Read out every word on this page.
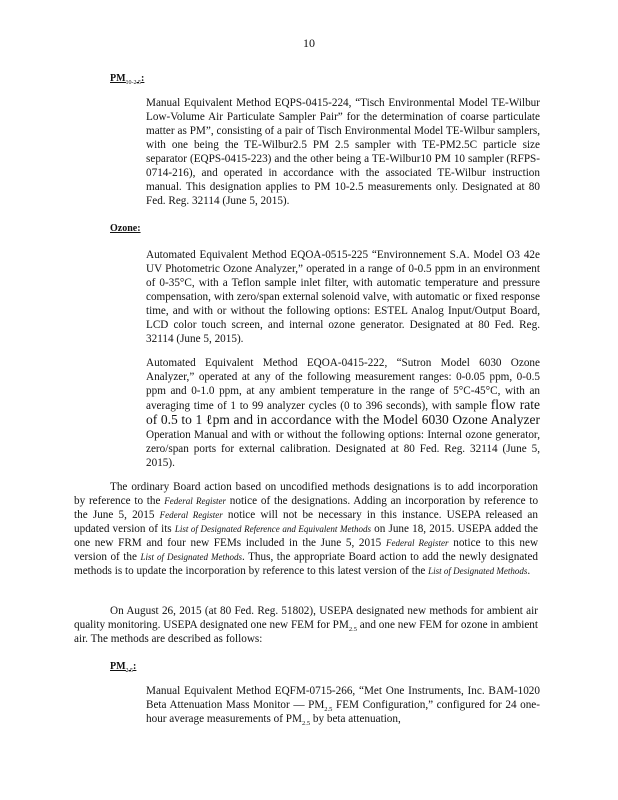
10
$PM_{10-2.5}$:
Manual Equivalent Method EQPS-0415-224, “Tisch Environmental Model TE-Wilbur Low-Volume Air Particulate Sampler Pair” for the determination of coarse particulate matter as PM”, consisting of a pair of Tisch Environmental Model TE-Wilbur samplers, with one being the TE-Wilbur2.5 PM 2.5 sampler with TE-PM2.5C particle size separator (EQPS-0415-223) and the other being a TE-Wilbur10 PM 10 sampler (RFPS-0714-216), and operated in accordance with the associated TE-Wilbur instruction manual. This designation applies to PM 10-2.5 measurements only. Designated at 80 Fed. Reg. 32114 (June 5, 2015).
Ozone:
Automated Equivalent Method EQOA-0515-225 “Environnement S.A. Model O3 42e UV Photometric Ozone Analyzer,” operated in a range of 0-0.5 ppm in an environment of 0-35°C, with a Teflon sample inlet filter, with automatic temperature and pressure compensation, with zero/span external solenoid valve, with automatic or fixed response time, and with or without the following options: ESTEL Analog Input/Output Board, LCD color touch screen, and internal ozone generator. Designated at 80 Fed. Reg. 32114 (June 5, 2015).
Automated Equivalent Method EQOA-0415-222, “Sutron Model 6030 Ozone Analyzer,” operated at any of the following measurement ranges: 0-0.05 ppm, 0-0.5 ppm and 0-1.0 ppm, at any ambient temperature in the range of 5°C-45°C, with an averaging time of 1 to 99 analyzer cycles (0 to 396 seconds), with sample flow rate of 0.5 to 1 ℓpm and in accordance with the Model 6030 Ozone Analyzer Operation Manual and with or without the following options: Internal ozone generator, zero/span ports for external calibration. Designated at 80 Fed. Reg. 32114 (June 5, 2015).
The ordinary Board action based on uncodified methods designations is to add incorporation by reference to the Federal Register notice of the designations. Adding an incorporation by reference to the June 5, 2015 Federal Register notice will not be necessary in this instance. USEPA released an updated version of its List of Designated Reference and Equivalent Methods on June 18, 2015. USEPA added the one new FRM and four new FEMs included in the June 5, 2015 Federal Register notice to this new version of the List of Designated Methods. Thus, the appropriate Board action to add the newly designated methods is to update the incorporation by reference to this latest version of the List of Designated Methods.
On August 26, 2015 (at 80 Fed. Reg. 51802), USEPA designated new methods for ambient air quality monitoring. USEPA designated one new FEM for $PM_{2.5}$ and one new FEM for ozone in ambient air. The methods are described as follows:
$PM_{2.5}$:
Manual Equivalent Method EQFM-0715-266, “Met One Instruments, Inc. BAM-1020 Beta Attenuation Mass Monitor — $PM_{2.5}$ FEM Configuration,” configured for 24 one-hour average measurements of $PM_{2.5}$ by beta attenuation,
